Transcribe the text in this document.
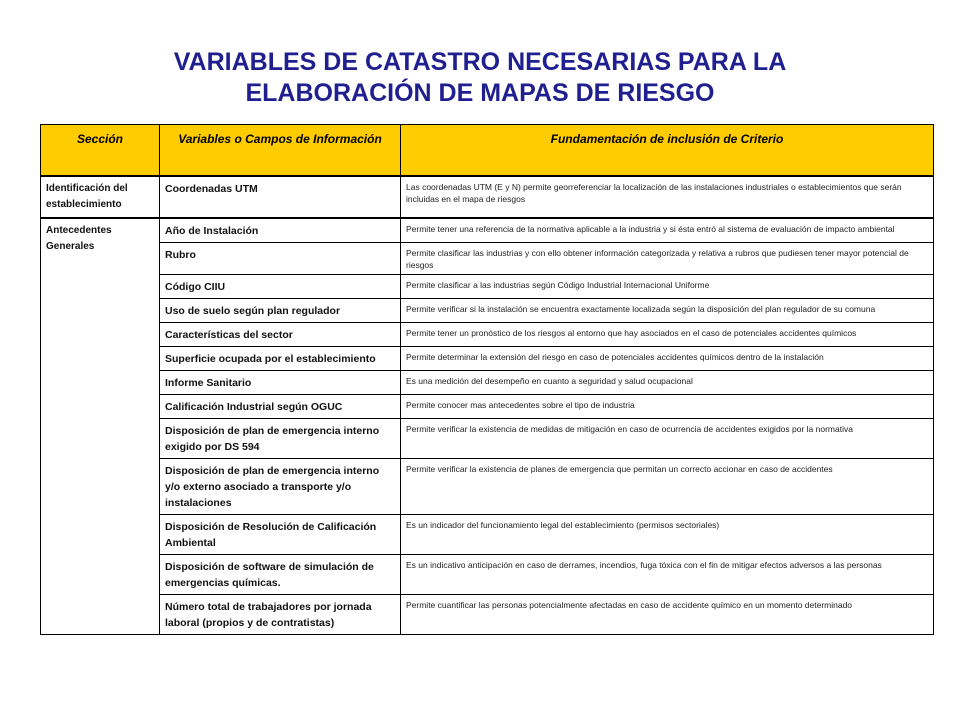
VARIABLES DE CATASTRO NECESARIAS PARA LA
ELABORACIÓN DE MAPAS DE RIESGO
Sección	Variables o Campos de Información	Fundamentación de inclusión de Criterio
Identificación del establecimiento	Coordenadas UTM	Las coordenadas UTM (E y N) permite georreferenciar la localización de las instalaciones industriales o establecimientos que serán incluidas en el mapa de riesgos
Antecedentes Generales	Año de Instalación	Permite tener una referencia de la normativa aplicable a la industria y si ésta entró al sistema de evaluación de impacto ambiental
	Rubro	Permite clasificar las industrias y con ello obtener información categorizada y relativa a rubros que pudiesen tener mayor potencial de riesgos
	Código CIIU	Permite clasificar a las industrias según Código Industrial Internacional Uniforme
	Uso de suelo según plan regulador	Permite verificar si la instalación se encuentra exactamente localizada según la disposición del plan regulador de su comuna
	Características del sector	Permite tener un pronóstico de los riesgos al entorno que hay asociados en el caso de potenciales accidentes químicos
	Superficie ocupada por el establecimiento	Permite determinar la extensión del riesgo en caso de potenciales accidentes químicos dentro de la instalación
	Informe Sanitario	Es una medición del desempeño en cuanto a seguridad y salud ocupacional
	Calificación Industrial según OGUC	Permite conocer mas antecedentes sobre el tipo de industria
	Disposición de plan de emergencia interno exigido por DS 594	Permite verificar la existencia de medidas de mitigación en caso de ocurrencia de accidentes exigidos por la normativa
	Disposición de plan de emergencia interno y/o externo asociado a transporte y/o instalaciones	Permite verificar la existencia de planes de emergencia que permitan un correcto accionar en caso de accidentes
	Disposición de Resolución de Calificación Ambiental	Es un indicador del funcionamiento legal del establecimiento (permisos sectoriales)
	Disposición de software de simulación de emergencias químicas.	Es un indicativo anticipación en caso de derrames, incendios, fuga tóxica con el fin de mitigar efectos adversos a las personas
	Número total de trabajadores por jornada laboral (propios y de contratistas)	Permite cuantificar las personas potencialmente afectadas en caso de accidente químico en un momento determinado
